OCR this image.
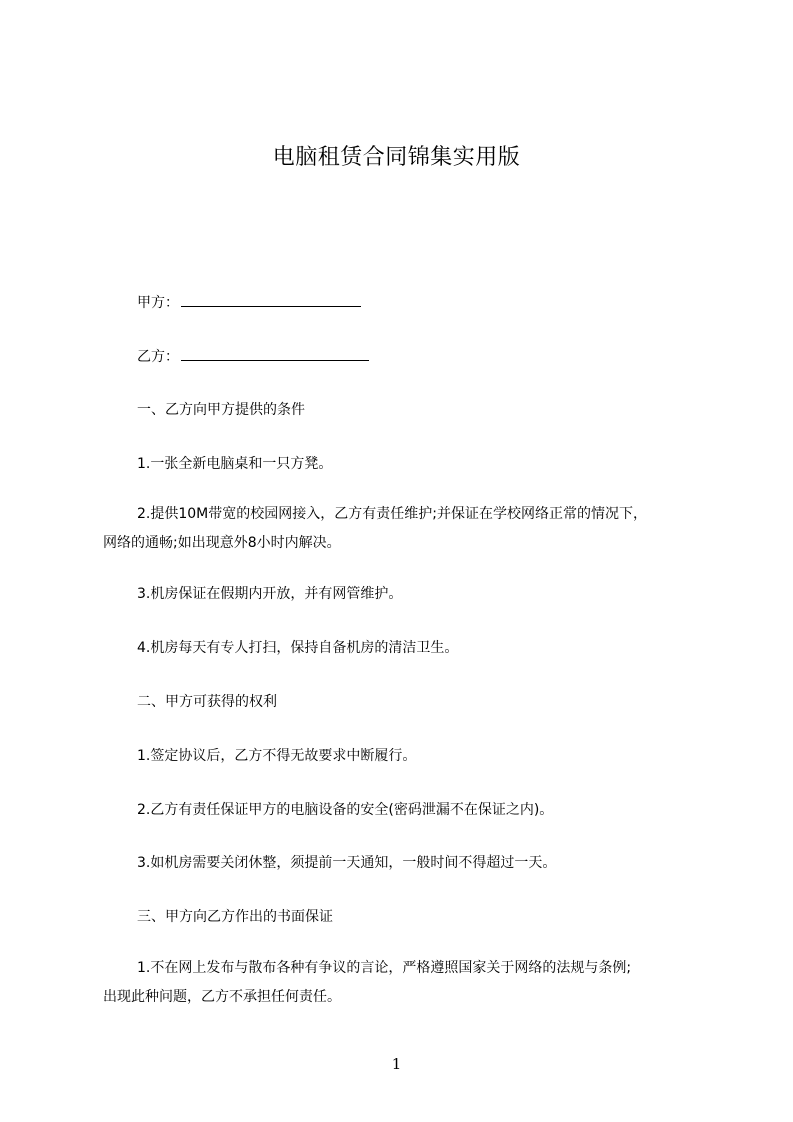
电脑租赁合同锦集实用版
甲方：
乙方：
一、乙方向甲方提供的条件
1.一张全新电脑桌和一只方凳。
2.提供10M带宽的校园网接入，乙方有责任维护;并保证在学校网络正常的情况下，
网络的通畅;如出现意外8小时内解决。
3.机房保证在假期内开放，并有网管维护。
4.机房每天有专人打扫，保持自备机房的清洁卫生。
二、甲方可获得的权利
1.签定协议后，乙方不得无故要求中断履行。
2.乙方有责任保证甲方的电脑设备的安全(密码泄漏不在保证之内)。
3.如机房需要关闭休整，须提前一天通知，一般时间不得超过一天。
三、甲方向乙方作出的书面保证
1.不在网上发布与散布各种有争议的言论，严格遵照国家关于网络的法规与条例;
出现此种问题，乙方不承担任何责任。
1
